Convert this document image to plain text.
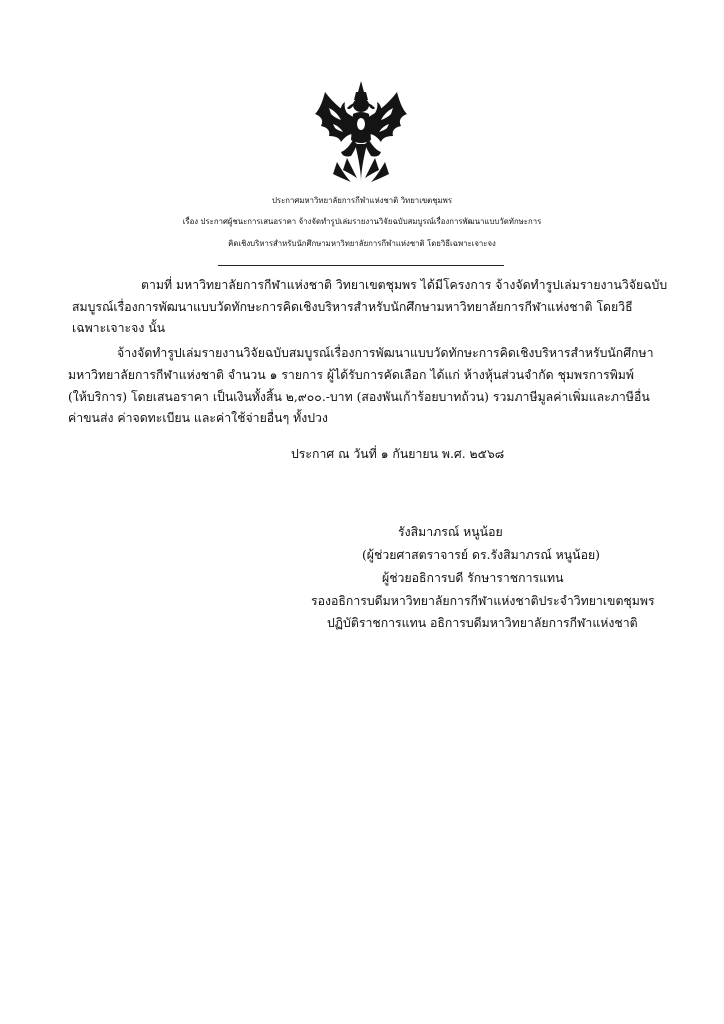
ประกาศมหาวิทยาลัยการกีฬาแห่งชาติ วิทยาเขตชุมพร
เรื่อง ประกาศผู้ชนะการเสนอราคา จ้างจัดทำรูปเล่มรายงานวิจัยฉบับสมบูรณ์เรื่องการพัฒนาแบบวัดทักษะการ
คิดเชิงบริหารสำหรับนักศึกษามหาวิทยาลัยการกีฬาแห่งชาติ โดยวิธีเฉพาะเจาะจง
ตามที่ มหาวิทยาลัยการกีฬาแห่งชาติ วิทยาเขตชุมพร ได้มีโครงการ จ้างจัดทำรูปเล่มรายงานวิจัยฉบับ
สมบูรณ์เรื่องการพัฒนาแบบวัดทักษะการคิดเชิงบริหารสำหรับนักศึกษามหาวิทยาลัยการกีฬาแห่งชาติ โดยวิธี
เฉพาะเจาะจง นั้น
จ้างจัดทำรูปเล่มรายงานวิจัยฉบับสมบูรณ์เรื่องการพัฒนาแบบวัดทักษะการคิดเชิงบริหารสำหรับนักศึกษา
มหาวิทยาลัยการกีฬาแห่งชาติ จำนวน ๑ รายการ ผู้ได้รับการคัดเลือก ได้แก่ ห้างหุ้นส่วนจำกัด ชุมพรการพิมพ์
(ให้บริการ) โดยเสนอราคา เป็นเงินทั้งสิ้น ๒,๙๐๐.-บาท (สองพันเก้าร้อยบาทถ้วน) รวมภาษีมูลค่าเพิ่มและภาษีอื่น
ค่าขนส่ง ค่าจดทะเบียน และค่าใช้จ่ายอื่นๆ ทั้งปวง
ประกาศ ณ วันที่ ๑ กันยายน พ.ศ. ๒๕๖๘
รังสิมาภรณ์ หนูน้อย
(ผู้ช่วยศาสตราจารย์ ดร.รังสิมาภรณ์ หนูน้อย)
ผู้ช่วยอธิการบดี รักษาราชการแทน
รองอธิการบดีมหาวิทยาลัยการกีฬาแห่งชาติประจำวิทยาเขตชุมพร
ปฏิบัติราชการแทน อธิการบดีมหาวิทยาลัยการกีฬาแห่งชาติ
